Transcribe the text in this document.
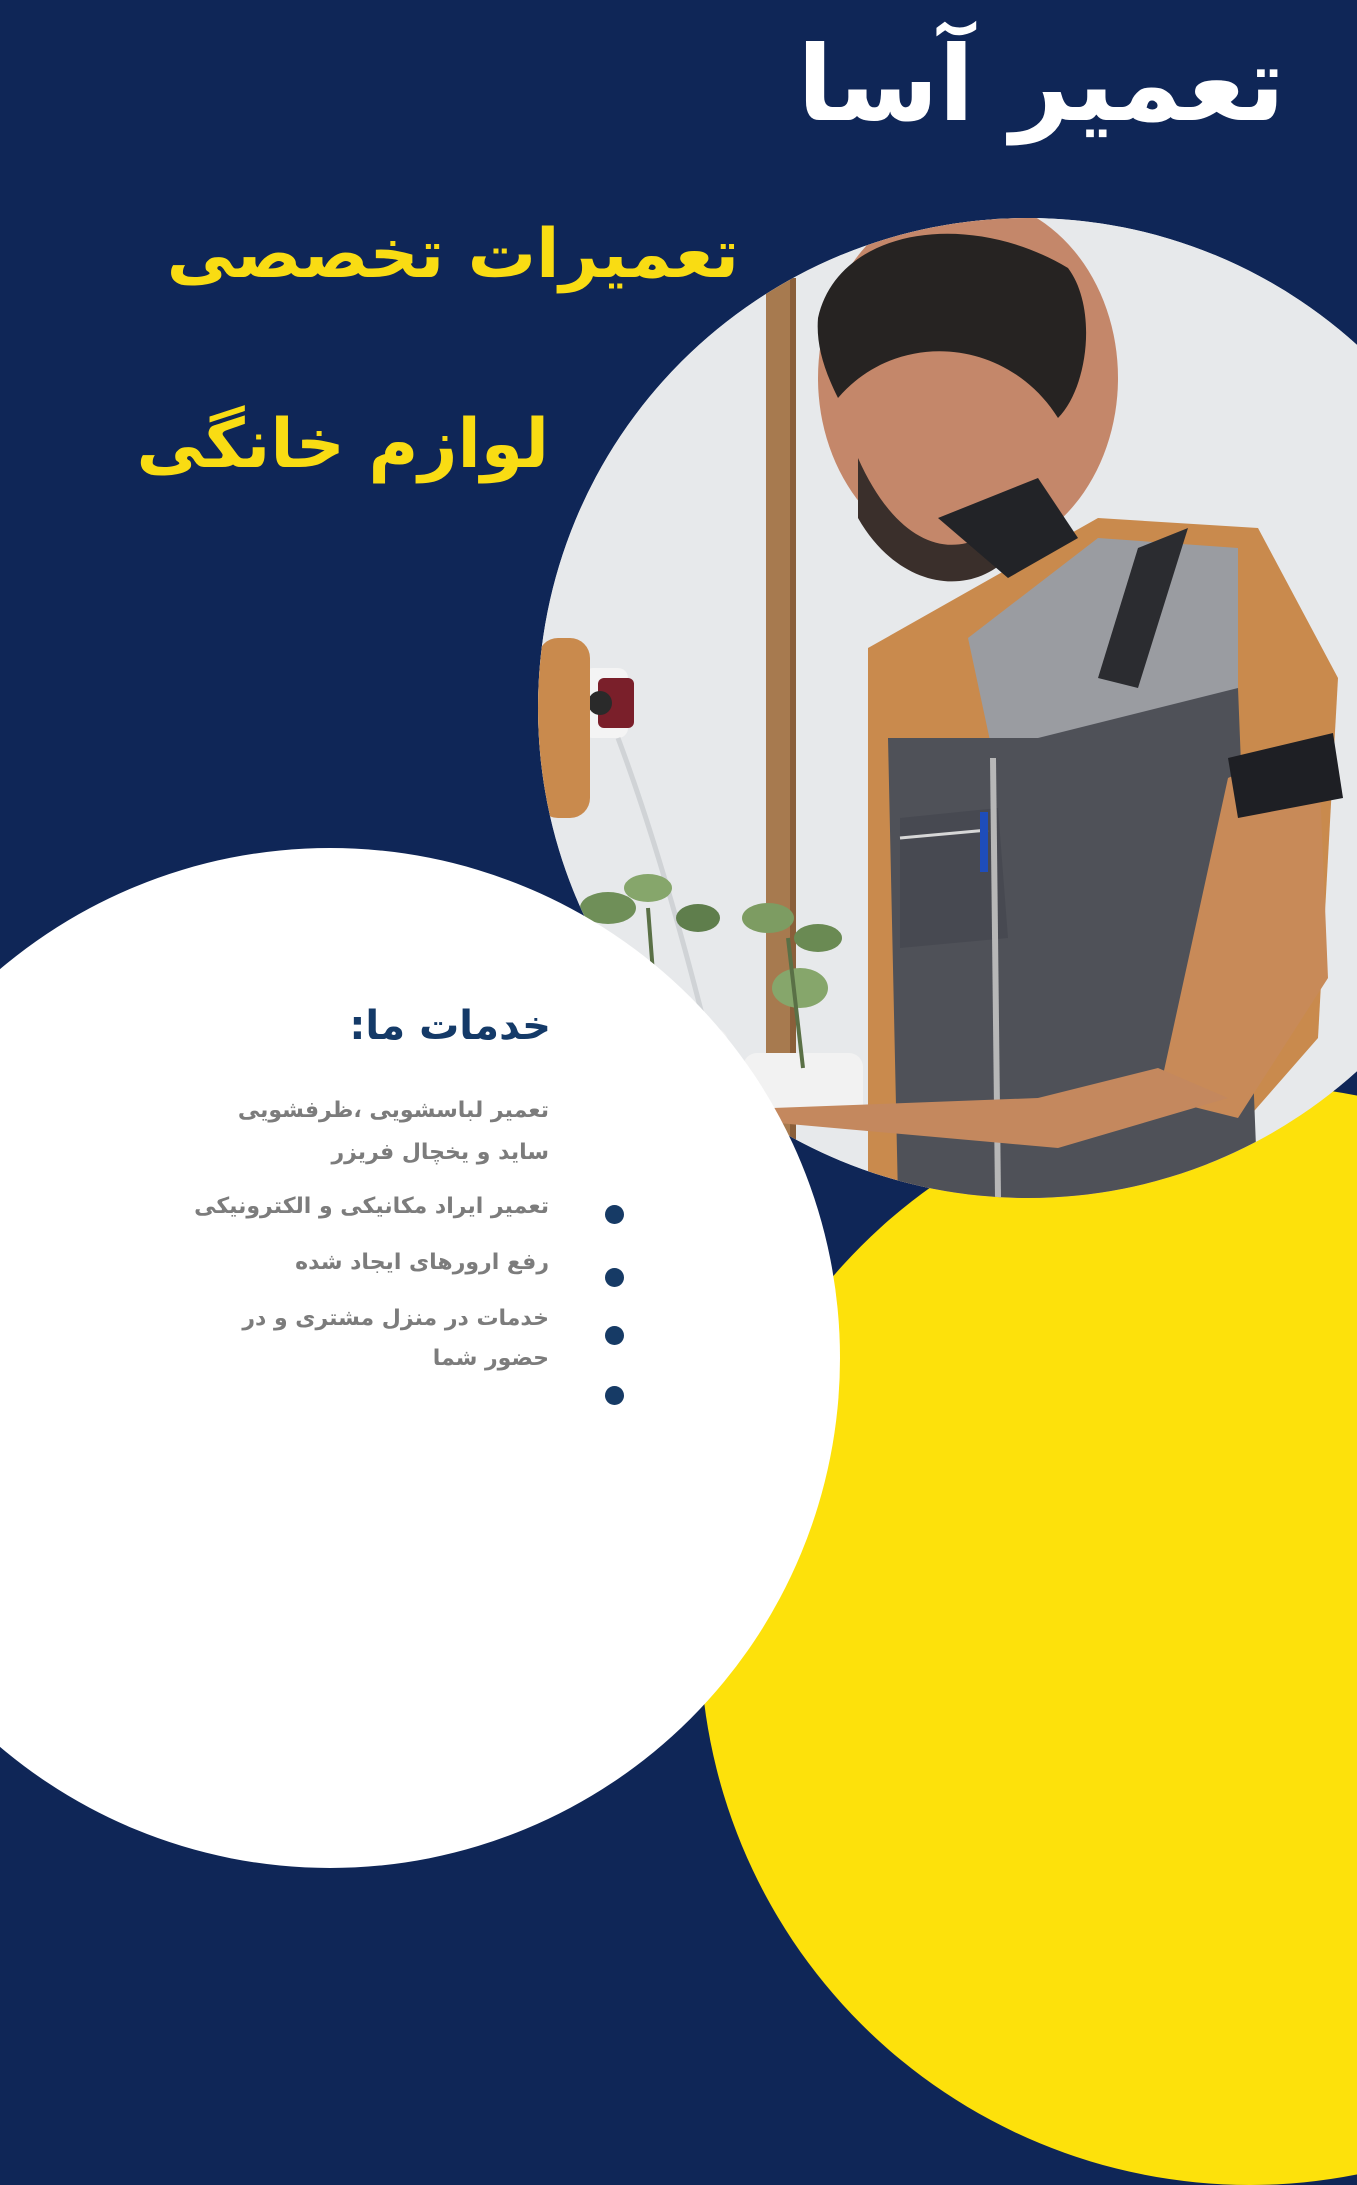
تعمیر آسا
تعمیرات تخصصی
لوازم خانگی
خدمات ما:
تعمیر لباسشویی ،ظرفشویی
ساید و یخچال فریزر
تعمیر ایراد مکانیکی و الکترونیکی
رفع ارورهای ایجاد شده
خدمات در منزل مشتری و در
حضور شما
